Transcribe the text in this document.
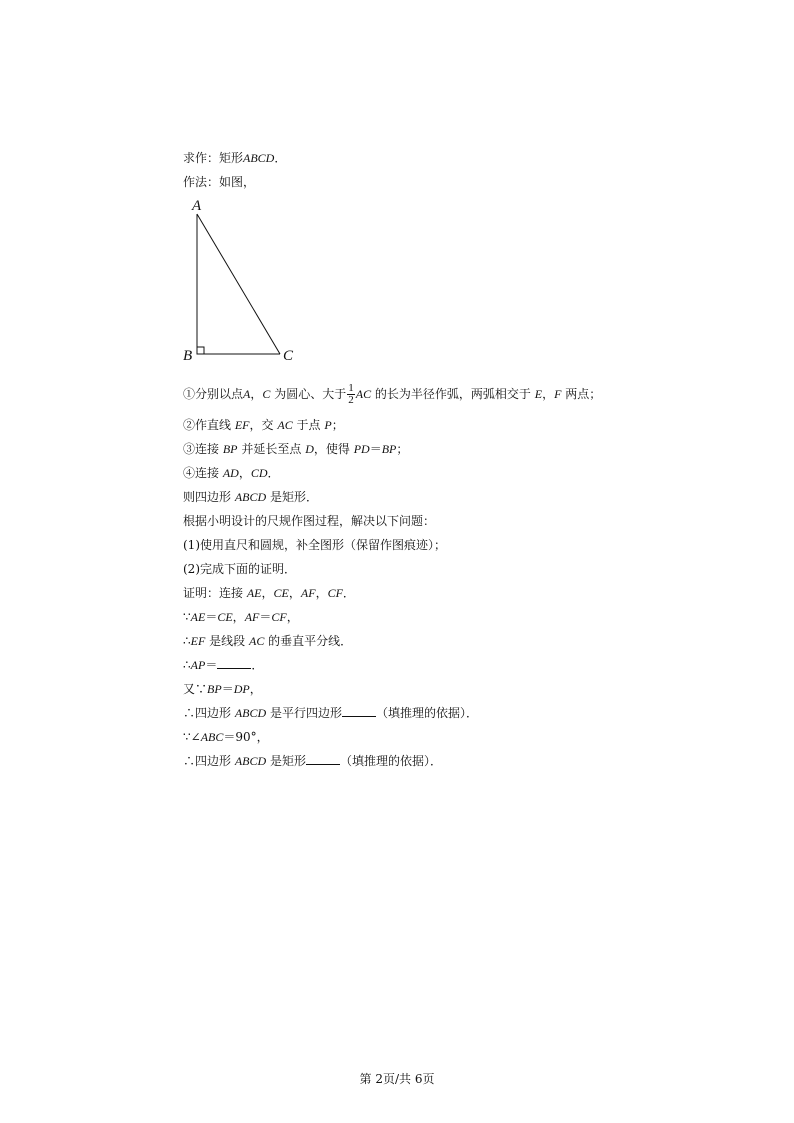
求作：矩形ABCD．
作法：如图，
A
B	C
①分别以点A，C 为圆心、大于 $\frac{1}{2}$ AC 的长为半径作弧，两弧相交于 E，F 两点；
②作直线 EF，交 AC 于点 P；
③连接 BP 并延长至点 D，使得 PD＝BP；
④连接 AD，CD．
则四边形 ABCD 是矩形．
根据小明设计的尺规作图过程，解决以下问题：
(1)使用直尺和圆规，补全图形（保留作图痕迹）；
(2)完成下面的证明．
证明：连接 AE，CE，AF，CF．
∵AE＝CE，AF＝CF，
∴EF 是线段 AC 的垂直平分线．
∴AP＝	．
又∵BP＝DP，
∴四边形 ABCD 是平行四边形	（填推理的依据）．
∵∠ABC＝90°，
∴四边形 ABCD 是矩形	（填推理的依据）．
第 2页/共 6页
